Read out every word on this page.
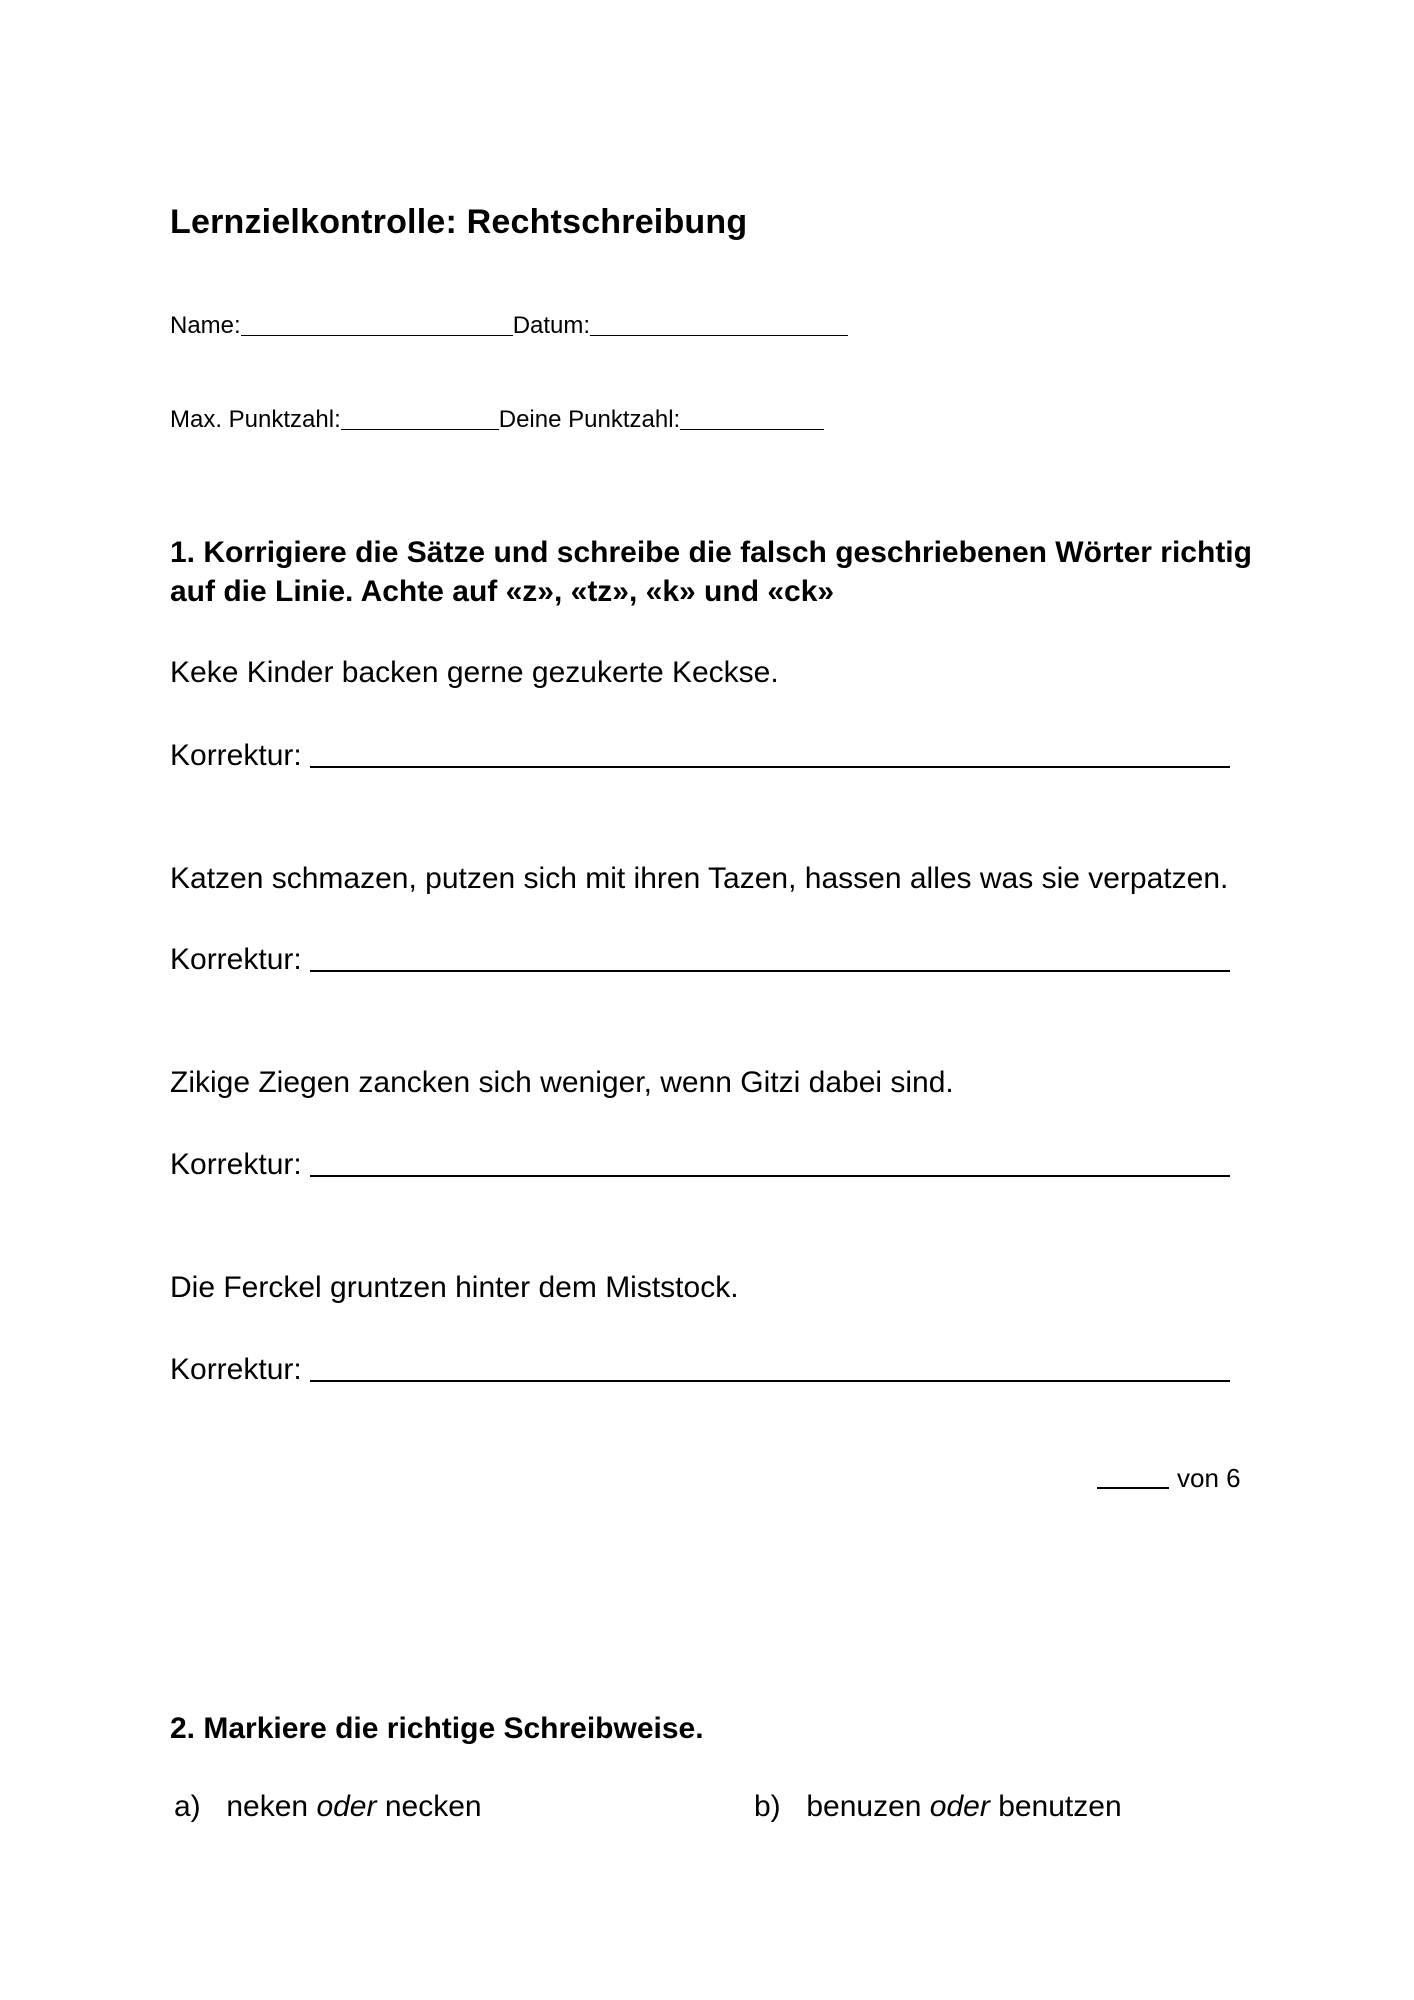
Lernzielkontrolle: Rechtschreibung
Name:	Datum:
Max. Punktzahl:	Deine Punktzahl:
1. Korrigiere die Sätze und schreibe die falsch geschriebenen Wörter richtig
auf die Linie. Achte auf «z», «tz», «k» und «ck»
Keke Kinder backen gerne gezukerte Keckse.
Korrektur:
Katzen schmazen, putzen sich mit ihren Tazen, hassen alles was sie verpatzen.
Korrektur:
Zikige Ziegen zancken sich weniger, wenn Gitzi dabei sind.
Korrektur:
Die Ferckel gruntzen hinter dem Miststock.
Korrektur:
von 6
2. Markiere die richtige Schreibweise.
a) neken oder necken	b) benuzen oder benutzen
